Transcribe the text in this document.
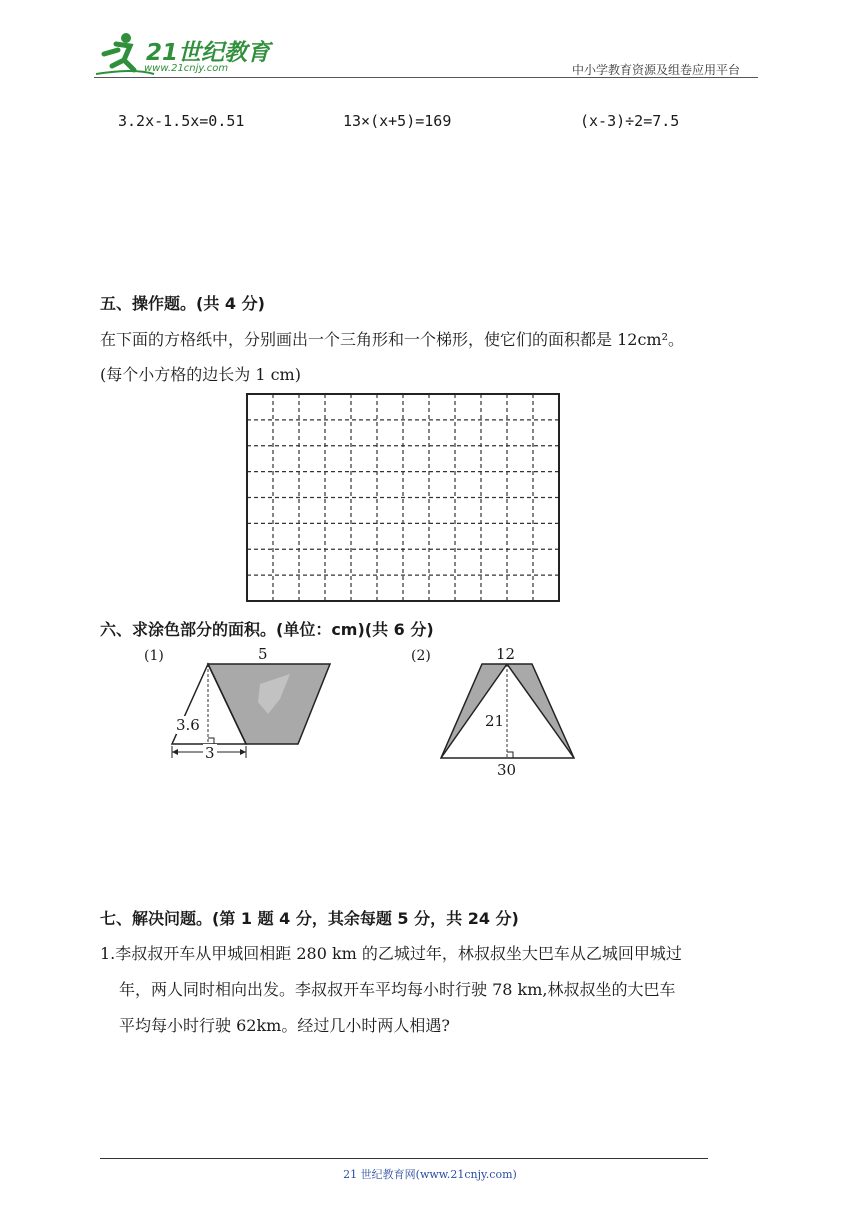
21世纪教育
www.21cnjy.com	中小学教育资源及组卷应用平台
3.2x-1.5x=0.51	13×(x+5)=169	(x-3)÷2=7.5
五、操作题。(共 4 分)
在下面的方格纸中，分别画出一个三角形和一个梯形，使它们的面积都是 12cm²。
(每个小方格的边长为 1 cm)
六、求涂色部分的面积。(单位：cm)(共 6 分)
(1)	5
3.6
3
(2)	12
21
30
七、解决问题。(第 1 题 4 分，其余每题 5 分，共 24 分)
1.李叔叔开车从甲城回相距 280 km 的乙城过年，林叔叔坐大巴车从乙城回甲城过
年，两人同时相向出发。李叔叔开车平均每小时行驶 78 km,林叔叔坐的大巴车
平均每小时行驶 62km。经过几小时两人相遇?
21 世纪教育网(www.21cnjy.com)
